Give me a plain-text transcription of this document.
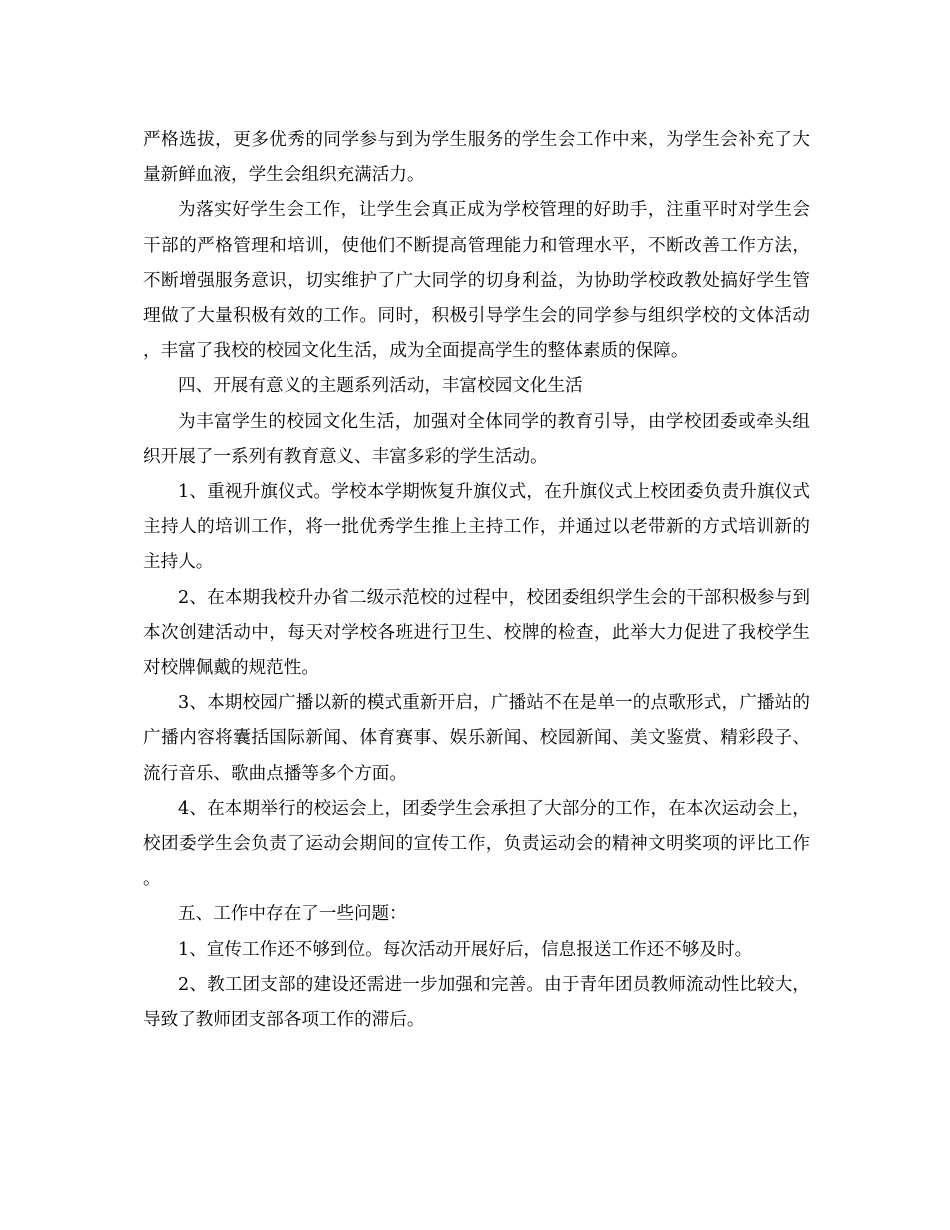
严格选拔，更多优秀的同学参与到为学生服务的学生会工作中来，为学生会补充了大量新鲜血液，学生会组织充满活力。

为落实好学生会工作，让学生会真正成为学校管理的好助手，注重平时对学生会干部的严格管理和培训，使他们不断提高管理能力和管理水平，不断改善工作方法，不断增强服务意识，切实维护了广大同学的切身利益，为协助学校政教处搞好学生管理做了大量积极有效的工作。同时，积极引导学生会的同学参与组织学校的文体活动，丰富了我校的校园文化生活，成为全面提高学生的整体素质的保障。

四、开展有意义的主题系列活动，丰富校园文化生活

为丰富学生的校园文化生活，加强对全体同学的教育引导，由学校团委或牵头组织开展了一系列有教育意义、丰富多彩的学生活动。

1、重视升旗仪式。学校本学期恢复升旗仪式，在升旗仪式上校团委负责升旗仪式主持人的培训工作，将一批优秀学生推上主持工作，并通过以老带新的方式培训新的主持人。

2、在本期我校升办省二级示范校的过程中，校团委组织学生会的干部积极参与到本次创建活动中，每天对学校各班进行卫生、校牌的检查，此举大力促进了我校学生对校牌佩戴的规范性。

3、本期校园广播以新的模式重新开启，广播站不在是单一的点歌形式，广播站的广播内容将囊括国际新闻、体育赛事、娱乐新闻、校园新闻、美文鉴赏、精彩段子、流行音乐、歌曲点播等多个方面。

4、在本期举行的校运会上，团委学生会承担了大部分的工作，在本次运动会上，校团委学生会负责了运动会期间的宣传工作，负责运动会的精神文明奖项的评比工作。

五、工作中存在了一些问题：

1、宣传工作还不够到位。每次活动开展好后，信息报送工作还不够及时。

2、教工团支部的建设还需进一步加强和完善。由于青年团员教师流动性比较大，导致了教师团支部各项工作的滞后。
